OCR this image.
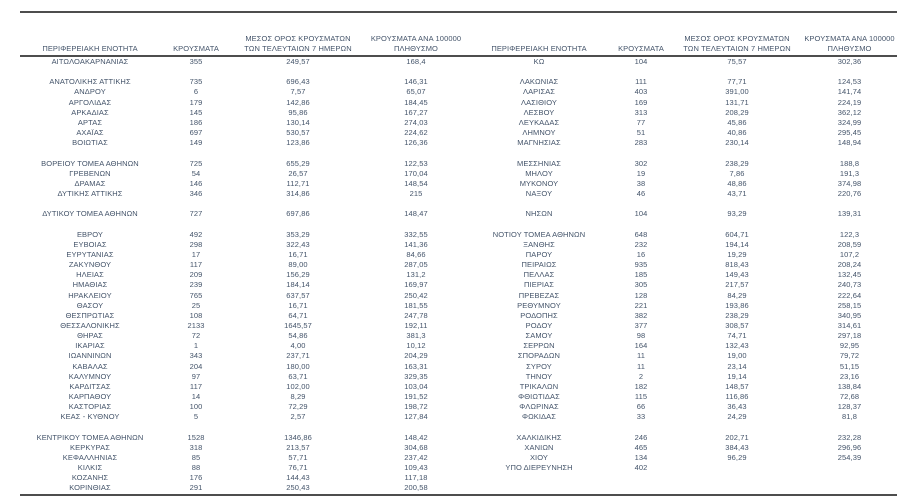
ΠΕΡΙΦΕΡΕΙΑΚΗ ΕΝΟΤΗΤΑ	ΚΡΟΥΣΜΑΤΑ

ΜΕΣΟΣ ΟΡΟΣ ΚΡΟΥΣΜΑΤΩΝ
ΤΩΝ ΤΕΛΕΥΤΑΙΩΝ 7 ΗΜΕΡΩΝ

ΚΡΟΥΣΜΑΤΑ ΑΝΑ 100000
ΠΛΗΘΥΣΜΟ	ΠΕΡΙΦΕΡΕΙΑΚΗ ΕΝΟΤΗΤΑ	ΚΡΟΥΣΜΑΤΑ

ΜΕΣΟΣ ΟΡΟΣ ΚΡΟΥΣΜΑΤΩΝ
ΤΩΝ ΤΕΛΕΥΤΑΙΩΝ 7 ΗΜΕΡΩΝ

ΚΡΟΥΣΜΑΤΑ ΑΝΑ 100000
ΠΛΗΘΥΣΜΟ

ΑΙΤΩΛΟΑΚΑΡΝΑΝΙΑΣ	355	249,57	168,4	ΚΩ	104	75,57	302,36

ΑΝΑΤΟΛΙΚΗΣ ΑΤΤΙΚΗΣ	735	696,43	146,31	ΛΑΚΩΝΙΑΣ	111	77,71	124,53
ΑΝΔΡΟΥ	6	7,57	65,07	ΛΑΡΙΣΑΣ	403	391,00	141,74
ΑΡΓΟΛΙΔΑΣ	179	142,86	184,45	ΛΑΣΙΘΙΟΥ	169	131,71	224,19
ΑΡΚΑΔΙΑΣ	145	95,86	167,27	ΛΕΣΒΟΥ	313	208,29	362,12
ΑΡΤΑΣ	186	130,14	274,03	ΛΕΥΚΑΔΑΣ	77	45,86	324,99
ΑΧΑΪΑΣ	697	530,57	224,62	ΛΗΜΝΟΥ	51	40,86	295,45
ΒΟΙΩΤΙΑΣ	149	123,86	126,36	ΜΑΓΝΗΣΙΑΣ	283	230,14	148,94

ΒΟΡΕΙΟΥ ΤΟΜΕΑ ΑΘΗΝΩΝ	725	655,29	122,53	ΜΕΣΣΗΝΙΑΣ	302	238,29	188,8
ΓΡΕΒΕΝΩΝ	54	26,57	170,04	ΜΗΛΟΥ	19	7,86	191,3
ΔΡΑΜΑΣ	146	112,71	148,54	ΜΥΚΟΝΟΥ	38	48,86	374,98
ΔΥΤΙΚΗΣ ΑΤΤΙΚΗΣ	346	314,86	215	ΝΑΞΟΥ	46	43,71	220,76

ΔΥΤΙΚΟΥ ΤΟΜΕΑ ΑΘΗΝΩΝ	727	697,86	148,47	ΝΗΣΩΝ	104	93,29	139,31

ΕΒΡΟΥ	492	353,29	332,55	ΝΟΤΙΟΥ ΤΟΜΕΑ ΑΘΗΝΩΝ	648	604,71	122,3
ΕΥΒΟΙΑΣ	298	322,43	141,36	ΞΑΝΘΗΣ	232	194,14	208,59
ΕΥΡΥΤΑΝΙΑΣ	17	16,71	84,66	ΠΑΡΟΥ	16	19,29	107,2
ΖΑΚΥΝΘΟΥ	117	89,00	287,05	ΠΕΙΡΑΙΩΣ	935	818,43	208,24
ΗΛΕΙΑΣ	209	156,29	131,2	ΠΕΛΛΑΣ	185	149,43	132,45
ΗΜΑΘΙΑΣ	239	184,14	169,97	ΠΙΕΡΙΑΣ	305	217,57	240,73
ΗΡΑΚΛΕΙΟΥ	765	637,57	250,42	ΠΡΕΒΕΖΑΣ	128	84,29	222,64
ΘΑΣΟΥ	25	16,71	181,55	ΡΕΘΥΜΝΟΥ	221	193,86	258,15
ΘΕΣΠΡΩΤΙΑΣ	108	64,71	247,78	ΡΟΔΟΠΗΣ	382	238,29	340,95
ΘΕΣΣΑΛΟΝΙΚΗΣ	2133	1645,57	192,11	ΡΟΔΟΥ	377	308,57	314,61
ΘΗΡΑΣ	72	54,86	381,3	ΣΑΜΟΥ	98	74,71	297,18
ΙΚΑΡΙΑΣ	1	4,00	10,12	ΣΕΡΡΩΝ	164	132,43	92,95
ΙΩΑΝΝΙΝΩΝ	343	237,71	204,29	ΣΠΟΡΑΔΩΝ	11	19,00	79,72
ΚΑΒΑΛΑΣ	204	180,00	163,31	ΣΥΡΟΥ	11	23,14	51,15
ΚΑΛΥΜΝΟΥ	97	63,71	329,35	ΤΗΝΟΥ	2	19,14	23,16
ΚΑΡΔΙΤΣΑΣ	117	102,00	103,04	ΤΡΙΚΑΛΩΝ	182	148,57	138,84
ΚΑΡΠΑΘΟΥ	14	8,29	191,52	ΦΘΙΩΤΙΔΑΣ	115	116,86	72,68
ΚΑΣΤΟΡΙΑΣ	100	72,29	198,72	ΦΛΩΡΙΝΑΣ	66	36,43	128,37
ΚΕΑΣ - ΚΥΘΝΟΥ	5	2,57	127,84	ΦΩΚΙΔΑΣ	33	24,29	81,8

ΚΕΝΤΡΙΚΟΥ ΤΟΜΕΑ ΑΘΗΝΩΝ	1528	1346,86	148,42	ΧΑΛΚΙΔΙΚΗΣ	246	202,71	232,28
ΚΕΡΚΥΡΑΣ	318	213,57	304,68	ΧΑΝΙΩΝ	465	384,43	296,96
ΚΕΦΑΛΛΗΝΙΑΣ	85	57,71	237,42	ΧΙΟΥ	134	96,29	254,39
ΚΙΛΚΙΣ	88	76,71	109,43	ΥΠΟ ΔΙΕΡΕΥΝΗΣΗ	402		
ΚΟΖΑΝΗΣ	176	144,43	117,18				
ΚΟΡΙΝΘΙΑΣ	291	250,43	200,58				
